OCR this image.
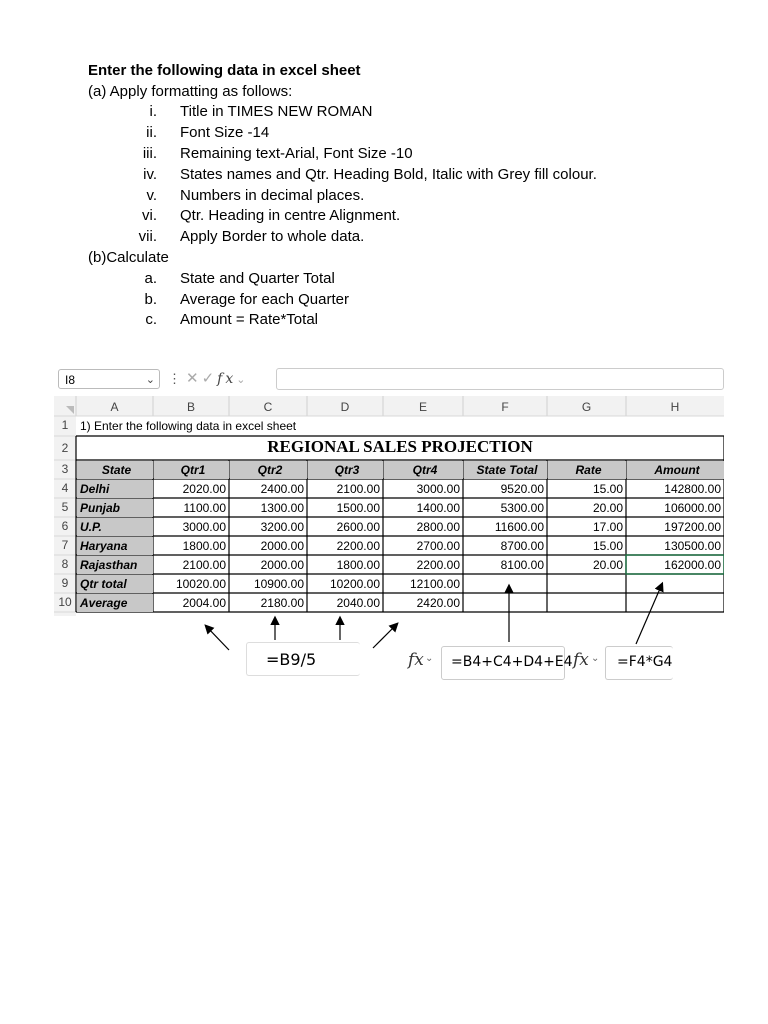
Enter the following data in excel sheet
(a) Apply formatting as follows:
i. Title in TIMES NEW ROMAN
ii. Font Size -14
iii. Remaining text-Arial, Font Size -10
iv. States names and Qtr. Heading Bold, Italic with Grey fill colour.
v. Numbers in decimal places.
vi. Qtr. Heading in centre Alignment.
vii. Apply Border to whole data.
(b)Calculate
a. State and Quarter Total
b. Average for each Quarter
c. Amount = Rate*Total
I8	⌄ ⋮ ✕✓fx⌄
A	B	C	D	E	F	G	H
1
2
3
4
5
6
7
8
9
10
1) Enter the following data in excel sheet
REGIONAL SALES PROJECTION
State	Qtr1	Qtr2	Qtr3	Qtr4	State Total	Rate	Amount
Delhi	2020.00	2400.00	2100.00	3000.00	9520.00	15.00	142800.00
Punjab	1100.00	1300.00	1500.00	1400.00	5300.00	20.00	106000.00
U.P.	3000.00	3200.00	2600.00	2800.00	11600.00	17.00	197200.00
Haryana	1800.00	2000.00	2200.00	2700.00	8700.00	15.00	130500.00
Rajasthan	2100.00	2000.00	1800.00	2200.00	8100.00	20.00	162000.00
Qtr total	10020.00	10900.00	10200.00	12100.00
Average	2004.00	2180.00	2040.00	2420.00
=B9/5	fx ⌄ =B4+C4+D4+E4 fx ⌄ =F4*G4
